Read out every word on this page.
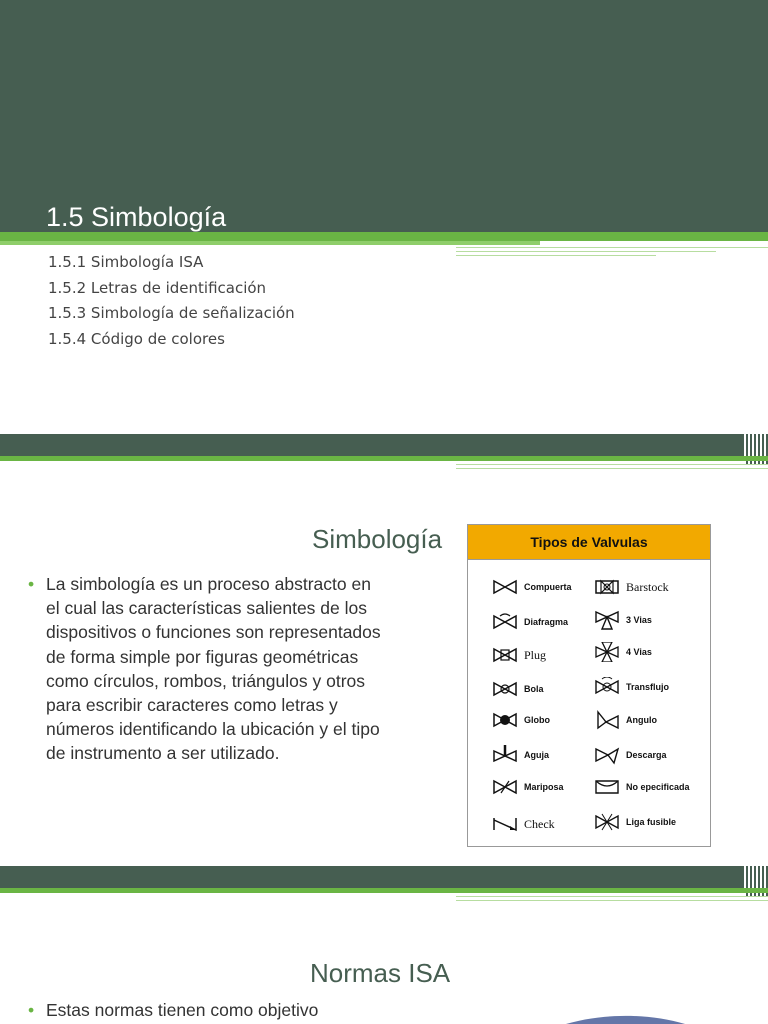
1.5 Simbología
1.5.1 Simbología ISA
1.5.2 Letras de identificación
1.5.3 Simbología de señalización
1.5.4 Código de colores
Simbología
• La simbología es un proceso abstracto en el cual las características salientes de los dispositivos o funciones son representados de forma simple por figuras geométricas como círculos, rombos, triángulos y otros para escribir caracteres como letras y números identificando la ubicación y el tipo de instrumento a ser utilizado.
Tipos de Valvulas
Compuerta
Diafragma
Plug
Bola
Globo
Aguja
Mariposa
Check
Barstock
3 Vias
4 Vias
Transflujo
Angulo
Descarga
No epecificada
Liga fusible
Normas ISA
• Estas normas tienen como objetivo
